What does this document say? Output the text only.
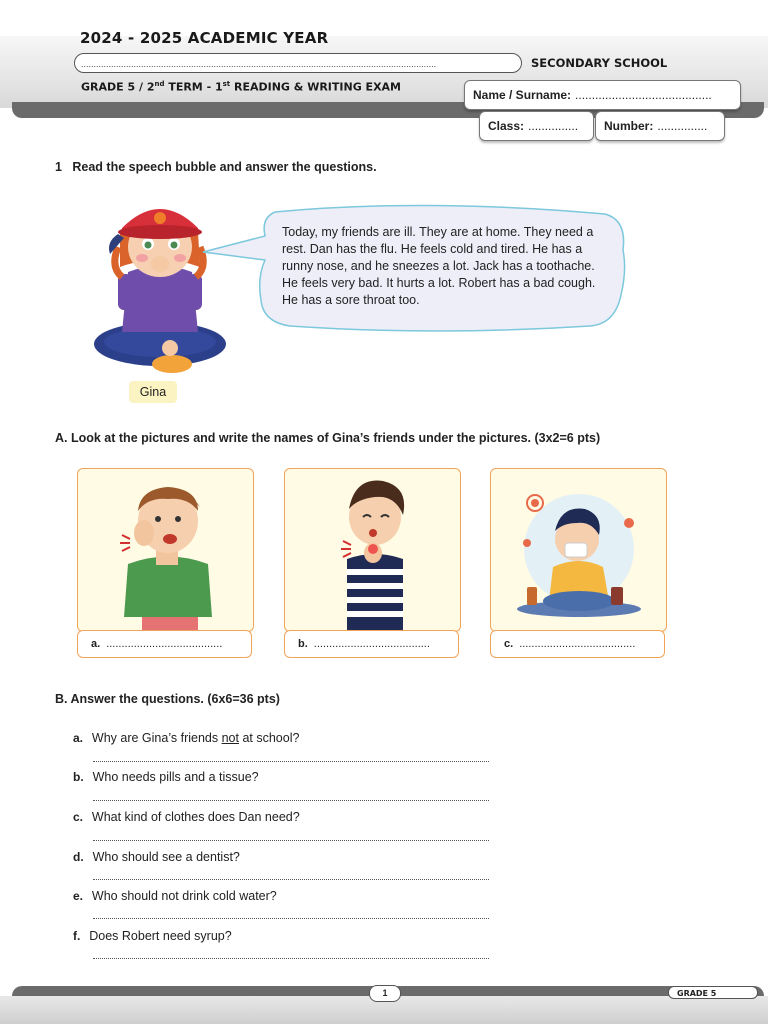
2024 - 2025 ACADEMIC YEAR
..............................................................................................................................................	SECONDARY SCHOOL
GRADE 5 / 2nd TERM - 1st READING & WRITING EXAM
Name / Surname: .........................................
Class: ............... Number: ...............
1 Read the speech bubble and answer the questions.
Gina
Today, my friends are ill. They are at home. They need a rest. Dan has the flu. He feels cold and tired. He has a runny nose, and he sneezes a lot. Jack has a toothache. He feels very bad. It hurts a lot. Robert has a bad cough. He has a sore throat too.
A. Look at the pictures and write the names of Gina’s friends under the pictures. (3x2=6 pts)
a. ......................................	b. ......................................	c. ......................................
B. Answer the questions. (6x6=36 pts)
a. Why are Gina’s friends not at school?
b. Who needs pills and a tissue?
c. What kind of clothes does Dan need?
d. Who should see a dentist?
e. Who should not drink cold water?
f. Does Robert need syrup?
1	GRADE 5
